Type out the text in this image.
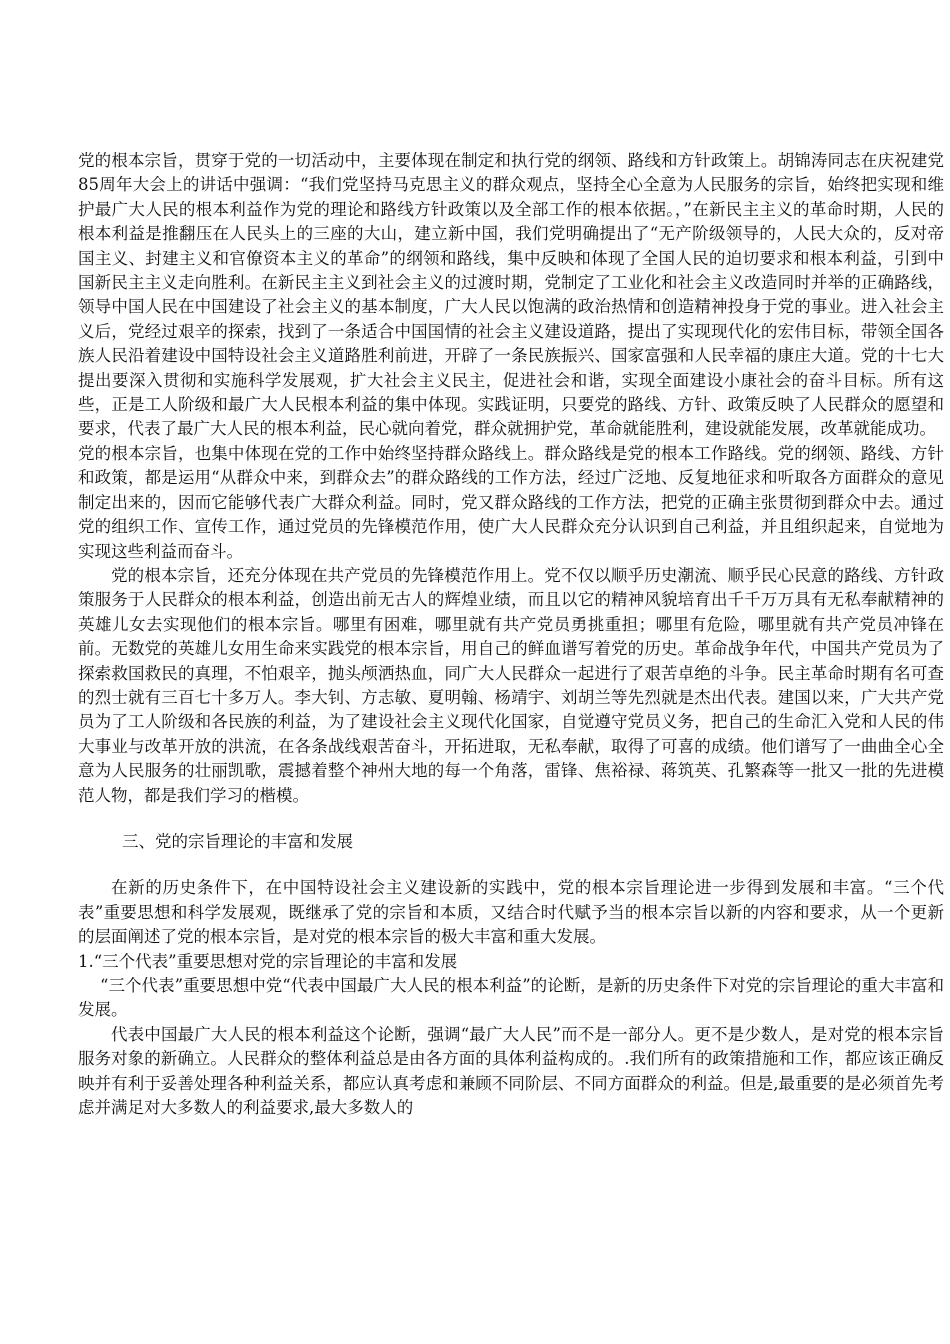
党的根本宗旨，贯穿于党的一切活动中，主要体现在制定和执行党的纲领、路线和方针政策上。胡锦涛同志在庆祝建党85周年大会上的讲话中强调：“我们党坚持马克思主义的群众观点，坚持全心全意为人民服务的宗旨，始终把实现和维护最广大人民的根本利益作为党的理论和路线方针政策以及全部工作的根本依据。，”在新民主主义的革命时期，人民的根本利益是推翻压在人民头上的三座的大山，建立新中国，我们党明确提出了“无产阶级领导的，人民大众的，反对帝国主义、封建主义和官僚资本主义的革命”的纲领和路线，集中反映和体现了全国人民的迫切要求和根本利益，引到中国新民主主义走向胜利。在新民主主义到社会主义的过渡时期，党制定了工业化和社会主义改造同时并举的正确路线，领导中国人民在中国建设了社会主义的基本制度，广大人民以饱满的政治热情和创造精神投身于党的事业。进入社会主义后，党经过艰辛的探索，找到了一条适合中国国情的社会主义建设道路，提出了实现现代化的宏伟目标，带领全国各族人民沿着建设中国特设社会主义道路胜利前进，开辟了一条民族振兴、国家富强和人民幸福的康庄大道。党的十七大提出要深入贯彻和实施科学发展观，扩大社会主义民主，促进社会和谐，实现全面建设小康社会的奋斗目标。所有这些，正是工人阶级和最广大人民根本利益的集中体现。实践证明，只要党的路线、方针、政策反映了人民群众的愿望和要求，代表了最广大人民的根本利益，民心就向着党，群众就拥护党，革命就能胜利，建设就能发展，改革就能成功。

党的根本宗旨，也集中体现在党的工作中始终坚持群众路线上。群众路线是党的根本工作路线。党的纲领、路线、方针和政策，都是运用“从群众中来，到群众去”的群众路线的工作方法，经过广泛地、反复地征求和听取各方面群众的意见制定出来的，因而它能够代表广大群众利益。同时，党又群众路线的工作方法，把党的正确主张贯彻到群众中去。通过党的组织工作、宣传工作，通过党员的先锋模范作用，使广大人民群众充分认识到自己利益，并且组织起来，自觉地为实现这些利益而奋斗。

党的根本宗旨，还充分体现在共产党员的先锋模范作用上。党不仅以顺乎历史潮流、顺乎民心民意的路线、方针政策服务于人民群众的根本利益，创造出前无古人的辉煌业绩，而且以它的精神风貌培育出千千万万具有无私奉献精神的英雄儿女去实现他们的根本宗旨。哪里有困难，哪里就有共产党员勇挑重担；哪里有危险，哪里就有共产党员冲锋在前。无数党的英雄儿女用生命来实践党的根本宗旨，用自己的鲜血谱写着党的历史。革命战争年代，中国共产党员为了探索救国救民的真理，不怕艰辛，抛头颅洒热血，同广大人民群众一起进行了艰苦卓绝的斗争。民主革命时期有名可查的烈士就有三百七十多万人。李大钊、方志敏、夏明翰、杨靖宇、刘胡兰等先烈就是杰出代表。建国以来，广大共产党员为了工人阶级和各民族的利益，为了建设社会主义现代化国家，自觉遵守党员义务，把自己的生命汇入党和人民的伟大事业与改革开放的洪流，在各条战线艰苦奋斗，开拓进取，无私奉献，取得了可喜的成绩。他们谱写了一曲曲全心全意为人民服务的壮丽凯歌，震撼着整个神州大地的每一个角落，雷锋、焦裕禄、蒋筑英、孔繁森等一批又一批的先进模范人物，都是我们学习的楷模。

三、党的宗旨理论的丰富和发展

在新的历史条件下，在中国特设社会主义建设新的实践中，党的根本宗旨理论进一步得到发展和丰富。“三个代表”重要思想和科学发展观，既继承了党的宗旨和本质，又结合时代赋予当的根本宗旨以新的内容和要求，从一个更新的层面阐述了党的根本宗旨，是对党的根本宗旨的极大丰富和重大发展。

1.“三个代表”重要思想对党的宗旨理论的丰富和发展

“三个代表”重要思想中党“代表中国最广大人民的根本利益”的论断，是新的历史条件下对党的宗旨理论的重大丰富和发展。

代表中国最广大人民的根本利益这个论断，强调“最广大人民”而不是一部分人。更不是少数人，是对党的根本宗旨服务对象的新确立。人民群众的整体利益总是由各方面的具体利益构成的。.我们所有的政策措施和工作，都应该正确反映并有利于妥善处理各种利益关系，都应认真考虑和兼顾不同阶层、不同方面群众的利益。但是,最重要的是必须首先考虑并满足对大多数人的利益要求,最大多数人的
